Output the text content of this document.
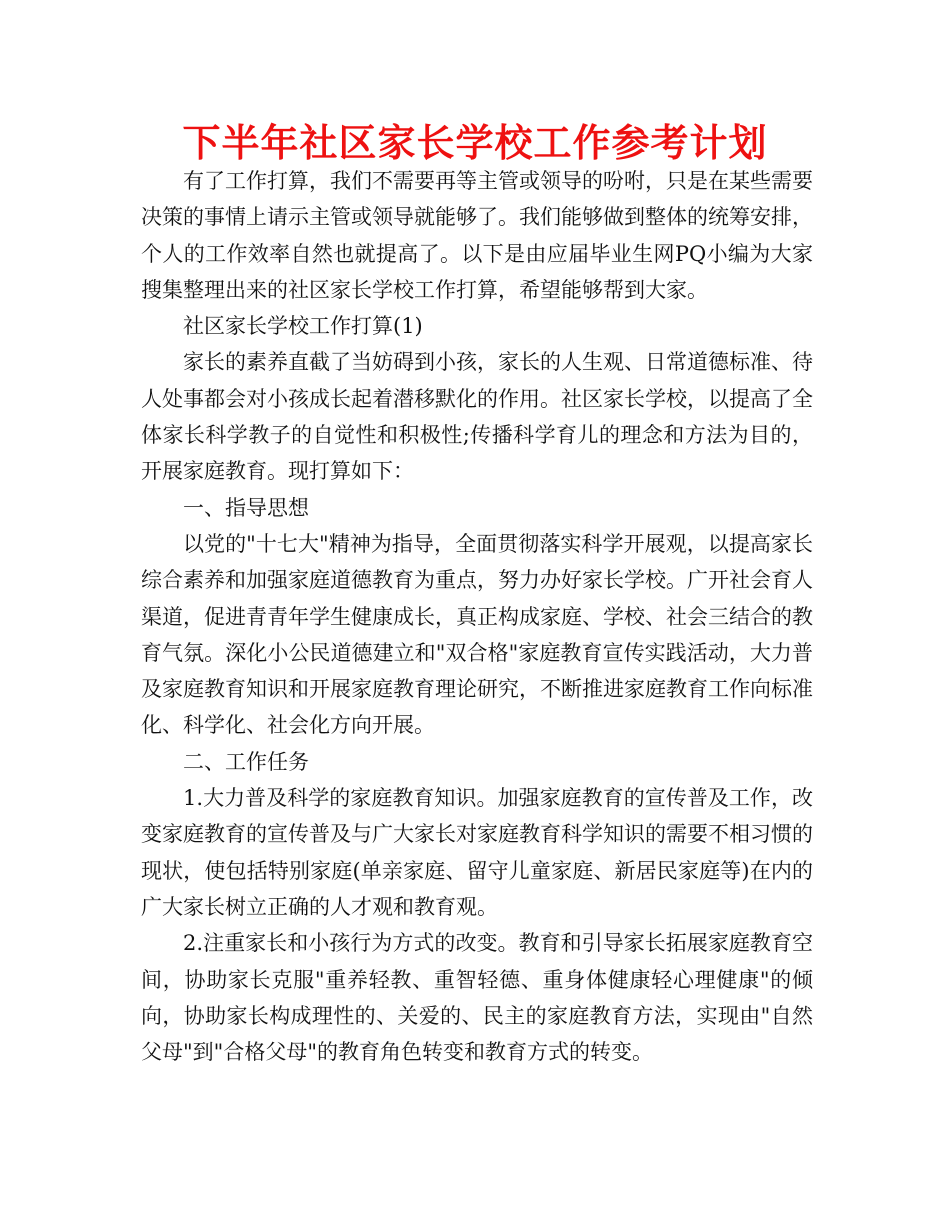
下半年社区家长学校工作参考计划

有了工作打算，我们不需要再等主管或领导的吩咐，只是在某些需要决策的事情上请示主管或领导就能够了。我们能够做到整体的统筹安排，个人的工作效率自然也就提高了。以下是由应届毕业生网PQ小编为大家搜集整理出来的社区家长学校工作打算，希望能够帮到大家。

社区家长学校工作打算(1)

家长的素养直截了当妨碍到小孩，家长的人生观、日常道德标准、待人处事都会对小孩成长起着潜移默化的作用。社区家长学校，以提高了全体家长科学教子的自觉性和积极性;传播科学育儿的理念和方法为目的，开展家庭教育。现打算如下：

一、指导思想

以党的"十七大"精神为指导，全面贯彻落实科学开展观，以提高家长综合素养和加强家庭道德教育为重点，努力办好家长学校。广开社会育人渠道，促进青青年学生健康成长，真正构成家庭、学校、社会三结合的教育气氛。深化小公民道德建立和"双合格"家庭教育宣传实践活动，大力普及家庭教育知识和开展家庭教育理论研究，不断推进家庭教育工作向标准化、科学化、社会化方向开展。

二、工作任务

1.大力普及科学的家庭教育知识。加强家庭教育的宣传普及工作，改变家庭教育的宣传普及与广大家长对家庭教育科学知识的需要不相习惯的现状，使包括特别家庭(单亲家庭、留守儿童家庭、新居民家庭等)在内的广大家长树立正确的人才观和教育观。

2.注重家长和小孩行为方式的改变。教育和引导家长拓展家庭教育空间，协助家长克服"重养轻教、重智轻德、重身体健康轻心理健康"的倾向，协助家长构成理性的、关爱的、民主的家庭教育方法，实现由"自然父母"到"合格父母"的教育角色转变和教育方式的转变。
